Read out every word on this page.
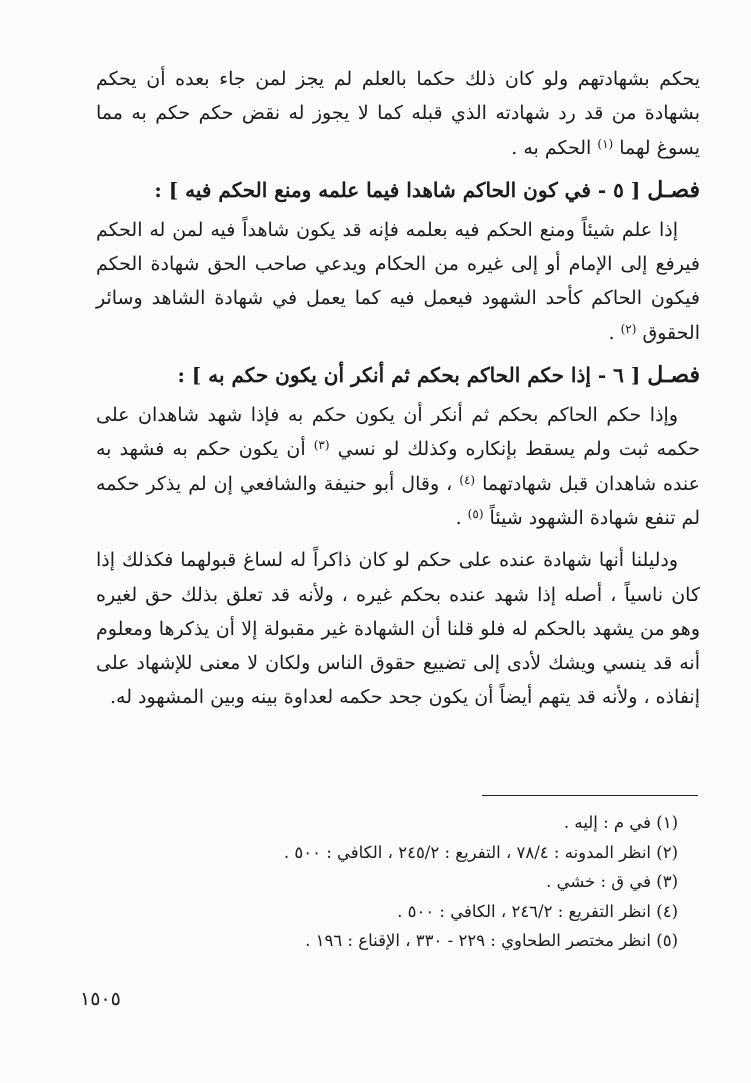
يحكم بشهادتهم ولو كان ذلك حكما بالعلم لم يجز لمن جاء بعده أن يحكم بشهادة من قد رد شهادته الذي قبله كما لا يجوز له نقض حكم حكم به مما يسوغ لهما $^{(١)}$ الحكم به .

فصـل [ ٥ - في كون الحاكم شاهدا فيما علمه ومنع الحكم فيه ] :

إذا علم شيئاً ومنع الحكم فيه بعلمه فإنه قد يكون شاهداً فيه لمن له الحكم فيرفع إلى الإمام أو إلى غيره من الحكام ويدعي صاحب الحق شهادة الحكم فيكون الحاكم كأحد الشهود فيعمل فيه كما يعمل في شهادة الشاهد وسائر الحقوق $^{(٢)}$ .

فصـل [ ٦ - إذا حكم الحاكم بحكم ثم أنكر أن يكون حكم به ] :

وإذا حكم الحاكم بحكم ثم أنكر أن يكون حكم به فإذا شهد شاهدان على حكمه ثبت ولم يسقط بإنكاره وكذلك لو نسي $^{(٣)}$ أن يكون حكم به فشهد به عنده شاهدان قبل شهادتهما $^{(٤)}$ ، وقال أبو حنيفة والشافعي إن لم يذكر حكمه لم تنفع شهادة الشهود شيئاً $^{(٥)}$ .

ودليلنا أنها شهادة عنده على حكم لو كان ذاكراً له لساغ قبولهما فكذلك إذا كان ناسياً ، أصله إذا شهد عنده بحكم غيره ، ولأنه قد تعلق بذلك حق لغيره وهو من يشهد بالحكم له فلو قلنا أن الشهادة غير مقبولة إلا أن يذكرها ومعلوم أنه قد ينسي ويشك لأدى إلى تضييع حقوق الناس ولكان لا معنى للإشهاد على إنفاذه ، ولأنه قد يتهم أيضاً أن يكون جحد حكمه لعداوة بينه وبين المشهود له.

(١) في م : إليه .

(٢) انظر المدونه : ٧٨/٤ ، التفريع : ٢٤٥/٢ ، الكافي : ٥٠٠ .

(٣) في ق : خشي .

(٤) انظر التفريع : ٢٤٦/٢ ، الكافي : ٥٠٠ .

(٥) انظر مختصر الطحاوي : ٢٢٩ - ٣٣٠ ، الإقناع : ١٩٦ .

١٥٠٥
